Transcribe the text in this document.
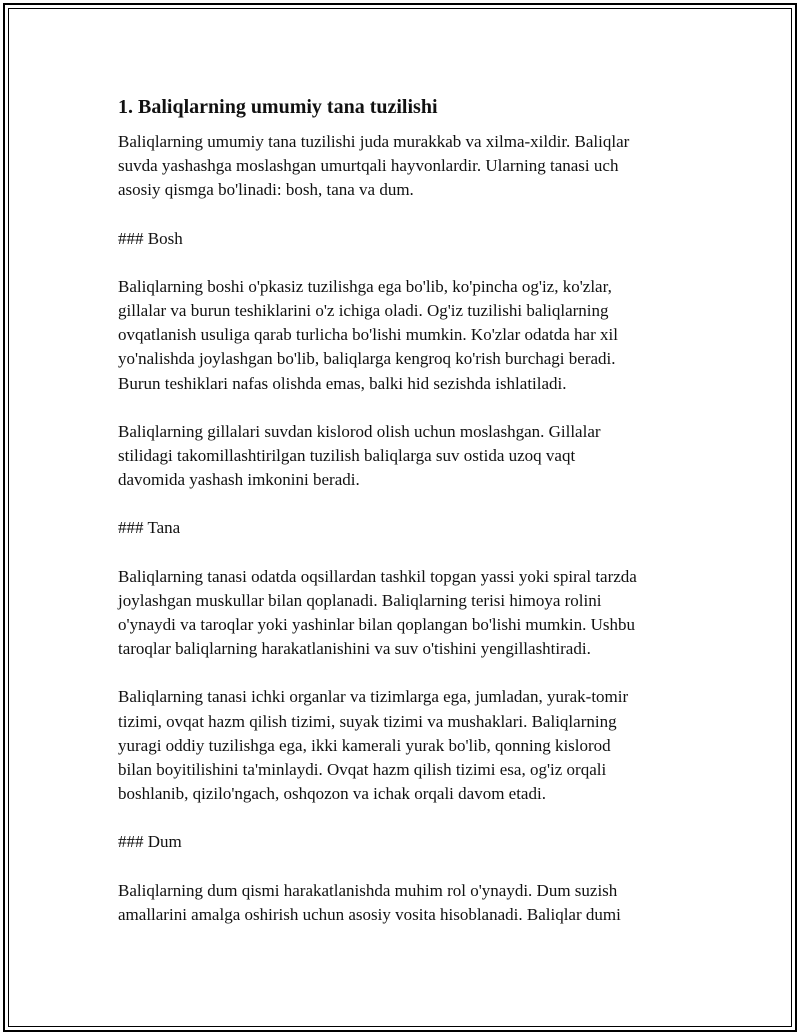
1. Baliqlarning umumiy tana tuzilishi

Baliqlarning umumiy tana tuzilishi juda murakkab va xilma-xildir. Baliqlar
suvda yashashga moslashgan umurtqali hayvonlardir. Ularning tanasi uch
asosiy qismga bo'linadi: bosh, tana va dum.

### Bosh

Baliqlarning boshi o'pkasiz tuzilishga ega bo'lib, ko'pincha og'iz, ko'zlar,
gillalar va burun teshiklarini o'z ichiga oladi. Og'iz tuzilishi baliqlarning
ovqatlanish usuliga qarab turlicha bo'lishi mumkin. Ko'zlar odatda har xil
yo'nalishda joylashgan bo'lib, baliqlarga kengroq ko'rish burchagi beradi.
Burun teshiklari nafas olishda emas, balki hid sezishda ishlatiladi.

Baliqlarning gillalari suvdan kislorod olish uchun moslashgan. Gillalar
stilidagi takomillashtirilgan tuzilish baliqlarga suv ostida uzoq vaqt
davomida yashash imkonini beradi.

### Tana

Baliqlarning tanasi odatda oqsillardan tashkil topgan yassi yoki spiral tarzda
joylashgan muskullar bilan qoplanadi. Baliqlarning terisi himoya rolini
o'ynaydi va taroqlar yoki yashinlar bilan qoplangan bo'lishi mumkin. Ushbu
taroqlar baliqlarning harakatlanishini va suv o'tishini yengillashtiradi.

Baliqlarning tanasi ichki organlar va tizimlarga ega, jumladan, yurak-tomir
tizimi, ovqat hazm qilish tizimi, suyak tizimi va mushaklari. Baliqlarning
yuragi oddiy tuzilishga ega, ikki kamerali yurak bo'lib, qonning kislorod
bilan boyitilishini ta'minlaydi. Ovqat hazm qilish tizimi esa, og'iz orqali
boshlanib, qizilo'ngach, oshqozon va ichak orqali davom etadi.

### Dum

Baliqlarning dum qismi harakatlanishda muhim rol o'ynaydi. Dum suzish
amallarini amalga oshirish uchun asosiy vosita hisoblanadi. Baliqlar dumi
